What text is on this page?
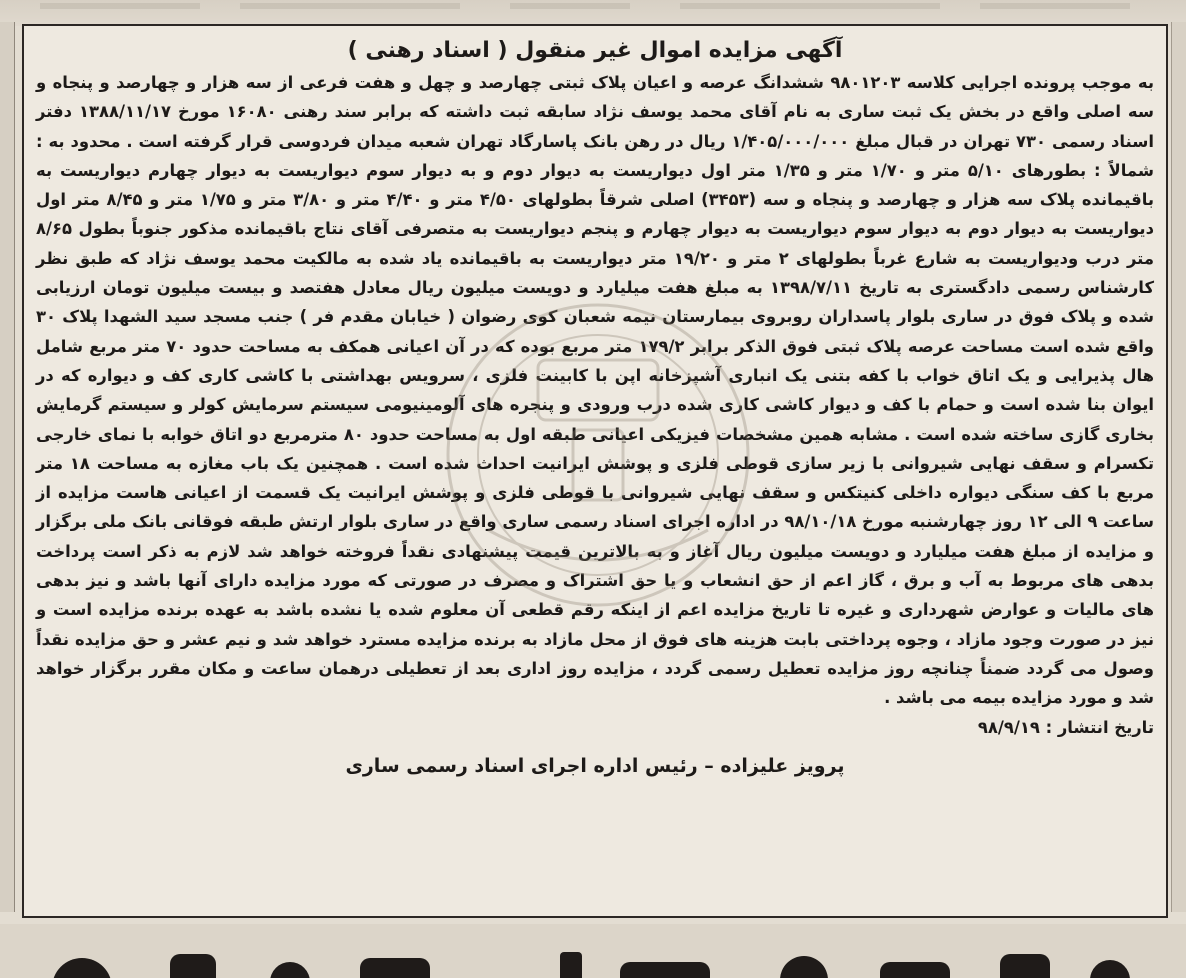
آگهی مزایده اموال غیر منقول ( اسناد رهنی )

به موجب پرونده اجرایی کلاسه ۹۸۰۱۲۰۳ ششدانگ عرصه و اعیان پلاک ثبتی چهارصد و چهل و هفت فرعی از سه هزار و چهارصد و پنجاه و سه اصلی واقع در بخش یک ثبت ساری به نام آقای محمد یوسف نژاد سابقه ثبت داشته که برابر سند رهنی ۱۶۰۸۰ مورخ ۱۳۸۸/۱۱/۱۷ دفتر اسناد رسمی ۷۳۰ تهران در قبال مبلغ ۱/۴۰۵/۰۰۰/۰۰۰ ریال در رهن بانک پاسارگاد تهران شعبه میدان فردوسی قرار گرفته است . محدود به : شمالاً : بطورهای ۵/۱۰ متر و ۱/۷۰ متر و ۱/۳۵ متر اول دیواریست به دیوار دوم و به دیوار سوم دیواریست به دیوار چهارم دیواریست به باقیمانده پلاک سه هزار و چهارصد و پنجاه و سه (۳۴۵۳) اصلی شرقاً بطولهای ۴/۵۰ متر و ۴/۴۰ متر و ۳/۸۰ متر و ۱/۷۵ متر و ۸/۴۵ متر اول دیواریست به دیوار دوم به دیوار سوم دیواریست به دیوار چهارم و پنجم دیواریست به متصرفی آقای نتاج باقیمانده مذکور جنوباً بطول ۸/۶۵ متر درب ودیواریست به شارع غرباً بطولهای ۲ متر و ۱۹/۲۰ متر دیواریست به باقیمانده یاد شده به مالکیت محمد یوسف نژاد که طبق نظر کارشناس رسمی دادگستری به تاریخ ۱۳۹۸/۷/۱۱ به مبلغ هفت میلیارد و دویست میلیون ریال معادل هفتصد و بیست میلیون تومان ارزیابی شده و پلاک فوق در ساری بلوار پاسداران روبروی بیمارستان نیمه شعبان کوی رضوان ( خیابان مقدم فر ) جنب مسجد سید الشهدا پلاک ۳۰ واقع شده است مساحت عرصه پلاک ثبتی فوق الذکر برابر ۱۷۹/۲ متر مربع بوده که در آن اعیانی همکف به مساحت حدود ۷۰ متر مربع شامل هال پذیرایی و یک اتاق خواب با کفه بتنی یک انباری آشپزخانه اپن با کابینت فلزی ، سرویس بهداشتی با کاشی کاری کف و دیواره که در ایوان بنا شده است و حمام با کف و دیوار کاشی کاری شده درب ورودی و پنجره های آلومینیومی سیستم سرمایش کولر و سیستم گرمایش بخاری گازی ساخته شده است . مشابه همین مشخصات فیزیکی اعیانی طبقه اول به مساحت حدود ۸۰ مترمربع دو اتاق خوابه با نمای خارجی تکسرام و سقف نهایی شیروانی با زیر سازی قوطی فلزی و پوشش ایرانیت احداث شده است . همچنین یک باب مغازه به مساحت ۱۸ متر مربع با کف سنگی دیواره داخلی کنیتکس و سقف نهایی شیروانی با قوطی فلزی و پوشش ایرانیت یک قسمت از اعیانی هاست مزایده از ساعت ۹ الی ۱۲ روز چهارشنبه مورخ ۹۸/۱۰/۱۸ در اداره اجرای اسناد رسمی ساری واقع در ساری بلوار ارتش طبقه فوقانی بانک ملی برگزار و مزایده از مبلغ هفت میلیارد و دویست میلیون ریال آغاز و به بالاترین قیمت پیشنهادی نقداً فروخته خواهد شد لازم به ذکر است پرداخت بدهی های مربوط به آب و برق ، گاز اعم از حق انشعاب و یا حق اشتراک و مصرف در صورتی که مورد مزایده دارای آنها باشد و نیز بدهی های مالیات و عوارض شهرداری و غیره تا تاریخ مزایده اعم از اینکه رقم قطعی آن معلوم شده یا نشده باشد به عهده برنده مزایده است و نیز در صورت وجود مازاد ، وجوه پرداختی بابت هزینه های فوق از محل مازاد به برنده مزایده مسترد خواهد شد و نیم عشر و حق مزایده نقداً وصول می گردد ضمناً چنانچه روز مزایده تعطیل رسمی گردد ، مزایده روز اداری بعد از تعطیلی درهمان ساعت و مکان مقرر برگزار خواهد شد و مورد مزایده بیمه می باشد .

تاریخ انتشار : ۹۸/۹/۱۹

پرویز علیزاده – رئیس اداره اجرای اسناد رسمی ساری
